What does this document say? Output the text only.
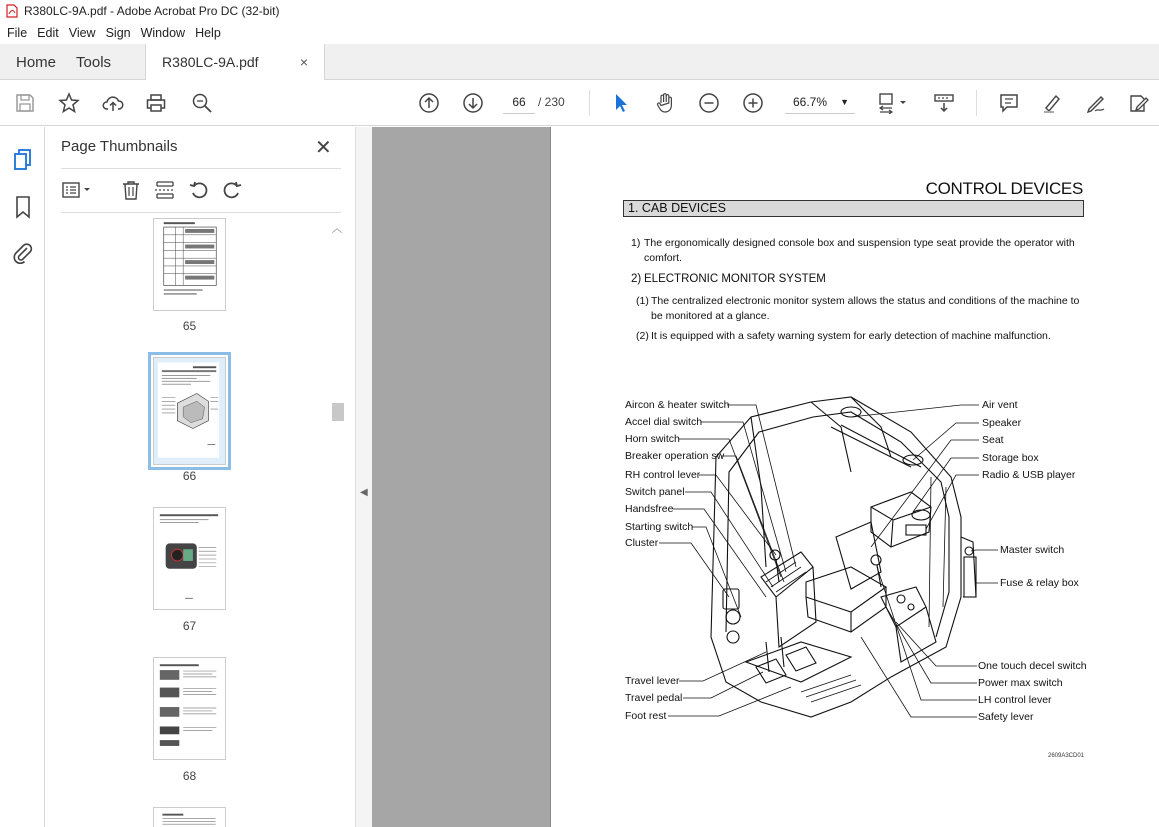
R380LC-9A.pdf - Adobe Acrobat Pro DC (32-bit)
File Edit View Sign Window Help
Home	Tools	R380LC-9A.pdf	×
66	/ 230	66.7% ▼
Page Thumbnails	✕
65
66
67
68
︿
◀
CONTROL DEVICES
1. CAB DEVICES
1) The ergonomically designed console box and suspension type seat provide the operator with comfort.
2) ELECTRONIC MONITOR SYSTEM
(1) The centralized electronic monitor system allows the status and conditions of the machine to be monitored at a glance.
(2) It is equipped with a safety warning system for early detection of machine malfunction.
Aircon & heater switch
Accel dial switch
Horn switch
Breaker operation sw
RH control lever
Switch panel
Handsfree
Starting switch
Cluster
Travel lever
Travel pedal
Foot rest
Air vent
Speaker
Seat
Storage box
Radio & USB player
Master switch
Fuse & relay box
One touch decel switch
Power max switch
LH control lever
Safety lever
2609A3CD01
